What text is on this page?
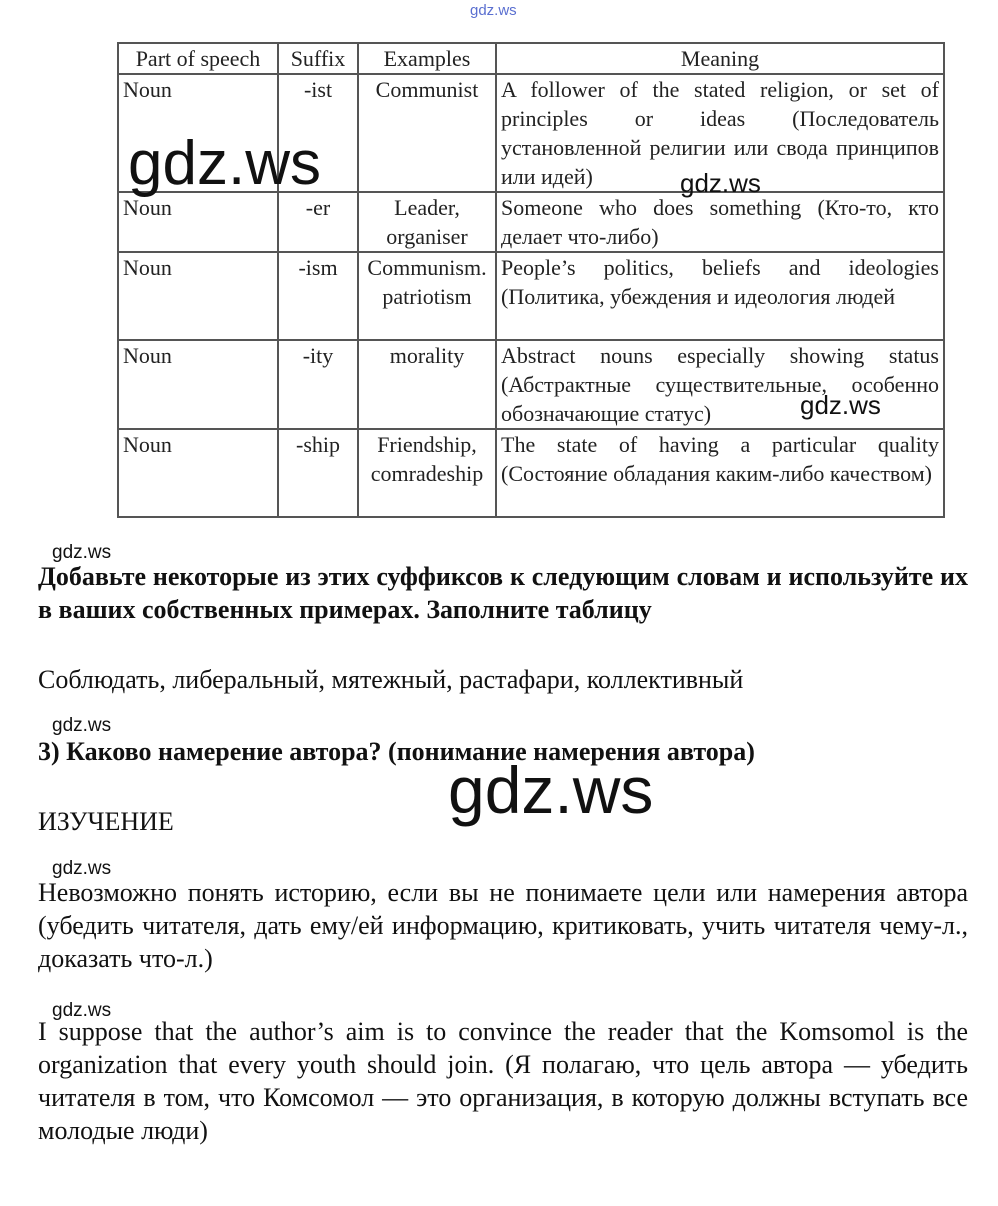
gdz.ws
Part of speech	Suffix	Examples	Meaning
Noun	-ist	Communist	A follower of the stated religion, or set of principles or ideas (Последователь установленной религии или свода принципов или идей)
Noun	-er	Leader, organiser	Someone who does something (Кто-то, кто делает что-либо)
Noun	-ism	Communism. patriotism	People’s politics, beliefs and ideologies (Политика, убеждения и идеология людей
Noun	-ity	morality	Abstract nouns especially showing status (Абстрактные существительные, особенно обозначающие статус)
Noun	-ship	Friendship, comradeship	The state of having a particular quality (Состояние обладания каким-либо качеством)
gdz.ws	gdz.ws
gdz.ws
gdz.ws
Добавьте некоторые из этих суффиксов к следующим словам и используйте их в ваших собственных примерах. Заполните таблицу
Соблюдать, либеральный, мятежный, растафари, коллективный
gdz.ws
3) Каково намерение автора? (понимание намерения автора)
gdz.ws
ИЗУЧЕНИЕ
gdz.ws
Невозможно понять историю, если вы не понимаете цели или намерения автора (убедить читателя, дать ему/ей информацию, критиковать, учить читателя чему-л., доказать что-л.)
gdz.ws
I suppose that the author’s aim is to convince the reader that the Komsomol is the organization that every youth should join. (Я полагаю, что цель автора — убедить читателя в том, что Комсомол — это организация, в которую должны вступать все молодые люди)
